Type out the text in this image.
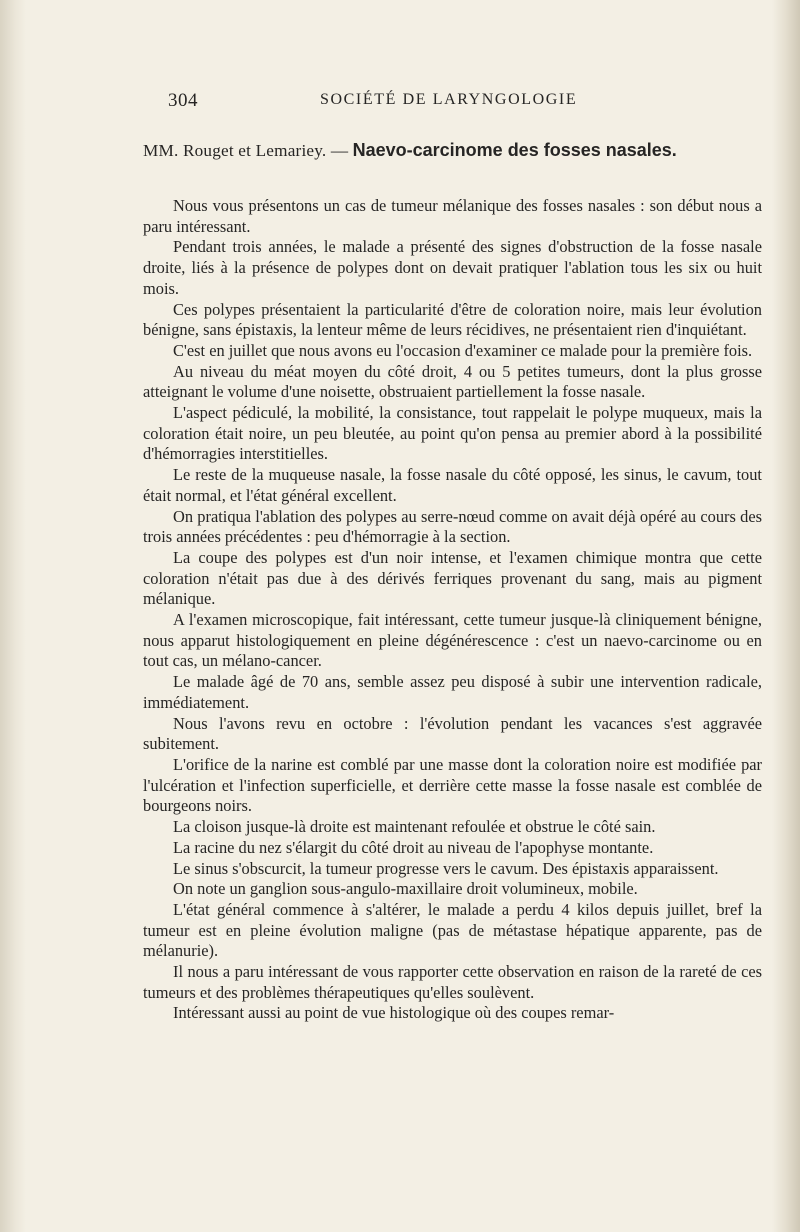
304	SOCIÉTÉ DE LARYNGOLOGIE
MM. Rouget et Lemariey. — Naevo-carcinome des fosses nasales.

Nous vous présentons un cas de tumeur mélanique des fosses nasales : son début nous a paru intéressant.

Pendant trois années, le malade a présenté des signes d'obstruction de la fosse nasale droite, liés à la présence de polypes dont on devait pratiquer l'ablation tous les six ou huit mois.

Ces polypes présentaient la particularité d'être de coloration noire, mais leur évolution bénigne, sans épistaxis, la lenteur même de leurs récidives, ne présentaient rien d'inquiétant.

C'est en juillet que nous avons eu l'occasion d'examiner ce malade pour la première fois.

Au niveau du méat moyen du côté droit, 4 ou 5 petites tumeurs, dont la plus grosse atteignant le volume d'une noisette, obstruaient partiellement la fosse nasale.

L'aspect pédiculé, la mobilité, la consistance, tout rappelait le polype muqueux, mais la coloration était noire, un peu bleutée, au point qu'on pensa au premier abord à la possibilité d'hémorragies interstitielles.

Le reste de la muqueuse nasale, la fosse nasale du côté opposé, les sinus, le cavum, tout était normal, et l'état général excellent.

On pratiqua l'ablation des polypes au serre-nœud comme on avait déjà opéré au cours des trois années précédentes : peu d'hémorragie à la section.

La coupe des polypes est d'un noir intense, et l'examen chimique montra que cette coloration n'était pas due à des dérivés ferriques provenant du sang, mais au pigment mélanique.

A l'examen microscopique, fait intéressant, cette tumeur jusque-là cliniquement bénigne, nous apparut histologiquement en pleine dégénérescence : c'est un naevo-carcinome ou en tout cas, un mélano-cancer.

Le malade âgé de 70 ans, semble assez peu disposé à subir une intervention radicale, immédiatement.

Nous l'avons revu en octobre : l'évolution pendant les vacances s'est aggravée subitement.

L'orifice de la narine est comblé par une masse dont la coloration noire est modifiée par l'ulcération et l'infection superficielle, et derrière cette masse la fosse nasale est comblée de bourgeons noirs.

La cloison jusque-là droite est maintenant refoulée et obstrue le côté sain.

La racine du nez s'élargit du côté droit au niveau de l'apophyse montante.

Le sinus s'obscurcit, la tumeur progresse vers le cavum. Des épistaxis apparaissent.

On note un ganglion sous-angulo-maxillaire droit volumineux, mobile.

L'état général commence à s'altérer, le malade a perdu 4 kilos depuis juillet, bref la tumeur est en pleine évolution maligne (pas de métastase hépatique apparente, pas de mélanurie).

Il nous a paru intéressant de vous rapporter cette observation en raison de la rareté de ces tumeurs et des problèmes thérapeutiques qu'elles soulèvent.

Intéressant aussi au point de vue histologique où des coupes remar-
